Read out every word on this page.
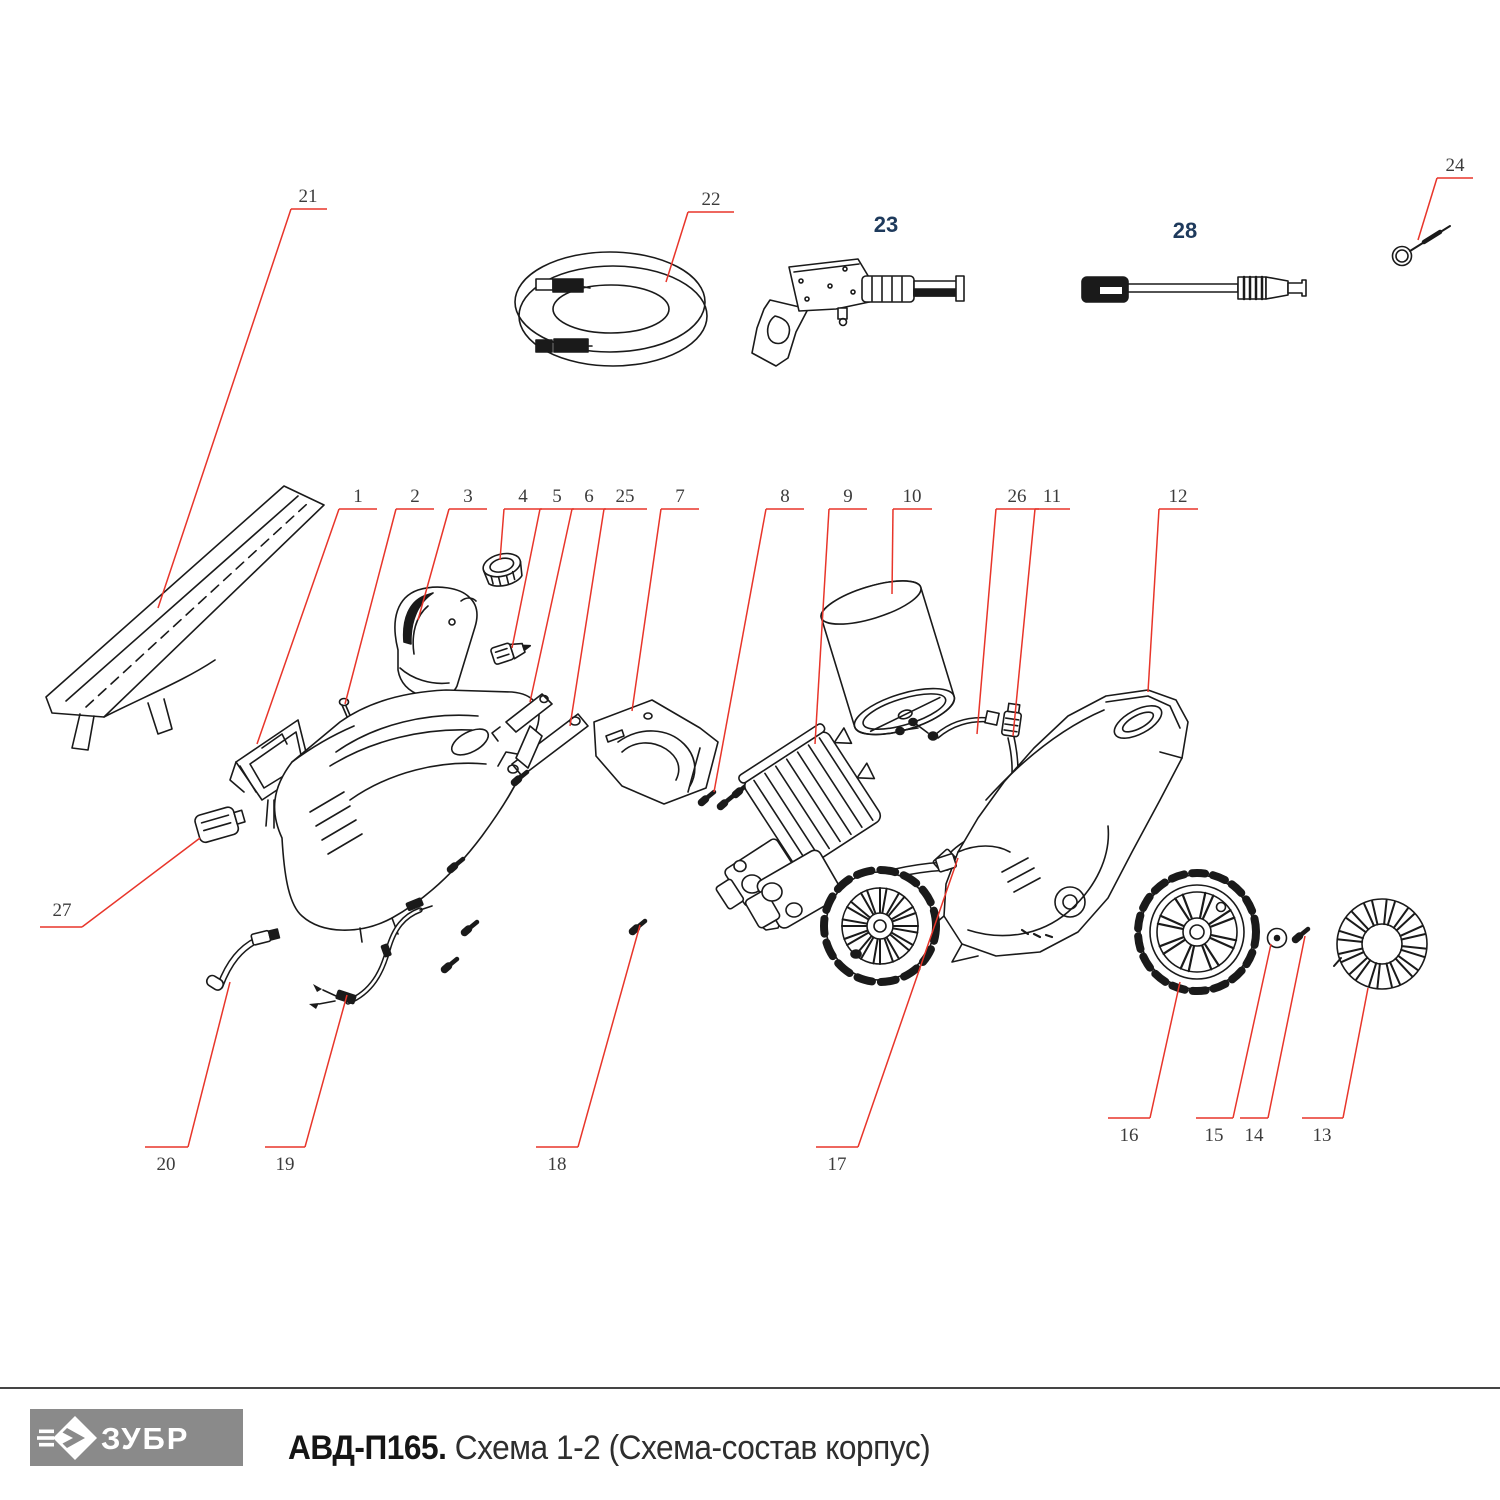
21	22
23	28
24
1	2 3 4 5 6 25 7	8	9	10	26 11	12
27
20	19	18	17
16	15 14	13
ЗУБР	АВД-П165. Схема 1-2 (Схема-состав корпус)
